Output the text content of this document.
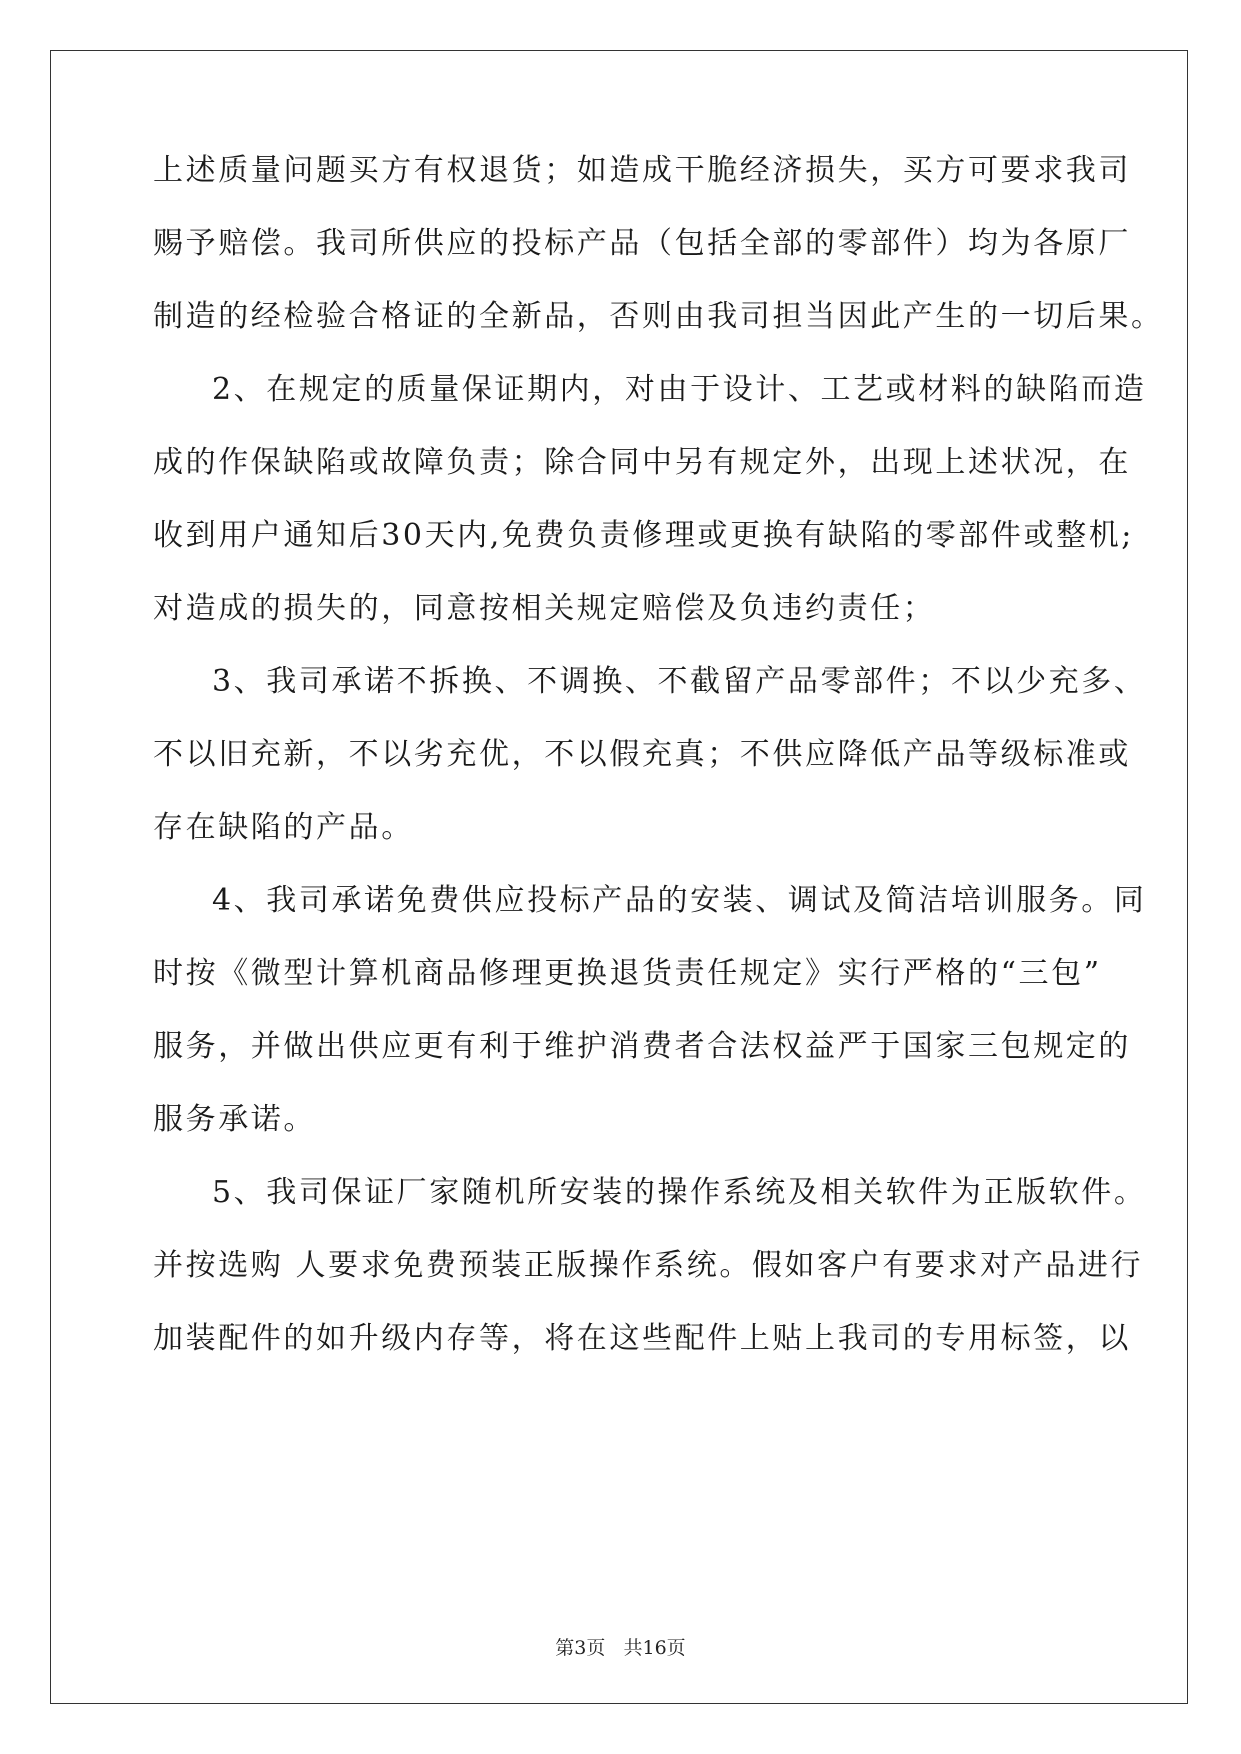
上述质量问题买方有权退货；如造成干脆经济损失，买方可要求我司
赐予赔偿。我司所供应的投标产品（包括全部的零部件）均为各原厂
制造的经检验合格证的全新品，否则由我司担当因此产生的一切后果。
2、在规定的质量保证期内，对由于设计、工艺或材料的缺陷而造
成的作保缺陷或故障负责；除合同中另有规定外，出现上述状况，在
收到用户通知后30天内,免费负责修理或更换有缺陷的零部件或整机;
对造成的损失的，同意按相关规定赔偿及负违约责任；
3、我司承诺不拆换、不调换、不截留产品零部件；不以少充多、
不以旧充新，不以劣充优，不以假充真；不供应降低产品等级标准或
存在缺陷的产品。
4、我司承诺免费供应投标产品的安装、调试及简洁培训服务。同
时按《微型计算机商品修理更换退货责任规定》实行严格的“三包”
服务，并做出供应更有利于维护消费者合法权益严于国家三包规定的
服务承诺。
5、我司保证厂家随机所安装的操作系统及相关软件为正版软件。
并按选购 人要求免费预装正版操作系统。假如客户有要求对产品进行
加装配件的如升级内存等，将在这些配件上贴上我司的专用标签，以
第3页   共16页
